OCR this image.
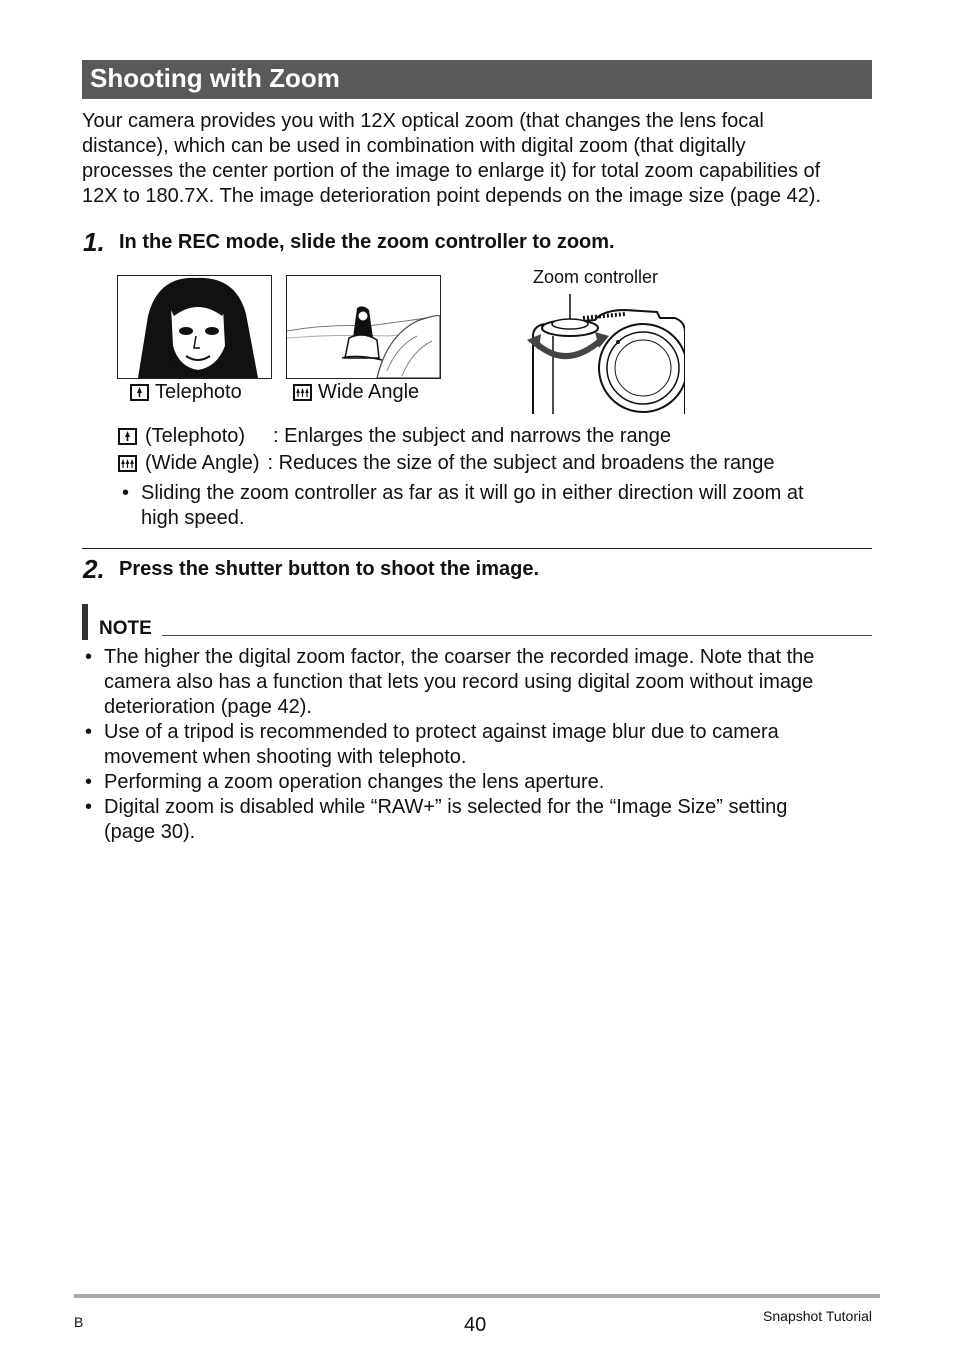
Shooting with Zoom
Your camera provides you with 12X optical zoom (that changes the lens focal
distance), which can be used in combination with digital zoom (that digitally
processes the center portion of the image to enlarge it) for total zoom capabilities of
12X to 180.7X. The image deterioration point depends on the image size (page 42).
1. In the REC mode, slide the zoom controller to zoom.
Telephoto	Wide Angle
Zoom controller
(Telephoto)	: Enlarges the subject and narrows the range
(Wide Angle) : Reduces the size of the subject and broadens the range
• Sliding the zoom controller as far as it will go in either direction will zoom at
high speed.
2. Press the shutter button to shoot the image.
NOTE
• The higher the digital zoom factor, the coarser the recorded image. Note that the
camera also has a function that lets you record using digital zoom without image
deterioration (page 42).
• Use of a tripod is recommended to protect against image blur due to camera
movement when shooting with telephoto.
• Performing a zoom operation changes the lens aperture.
• Digital zoom is disabled while “RAW+” is selected for the “Image Size” setting
(page 30).
B	40	Snapshot Tutorial
